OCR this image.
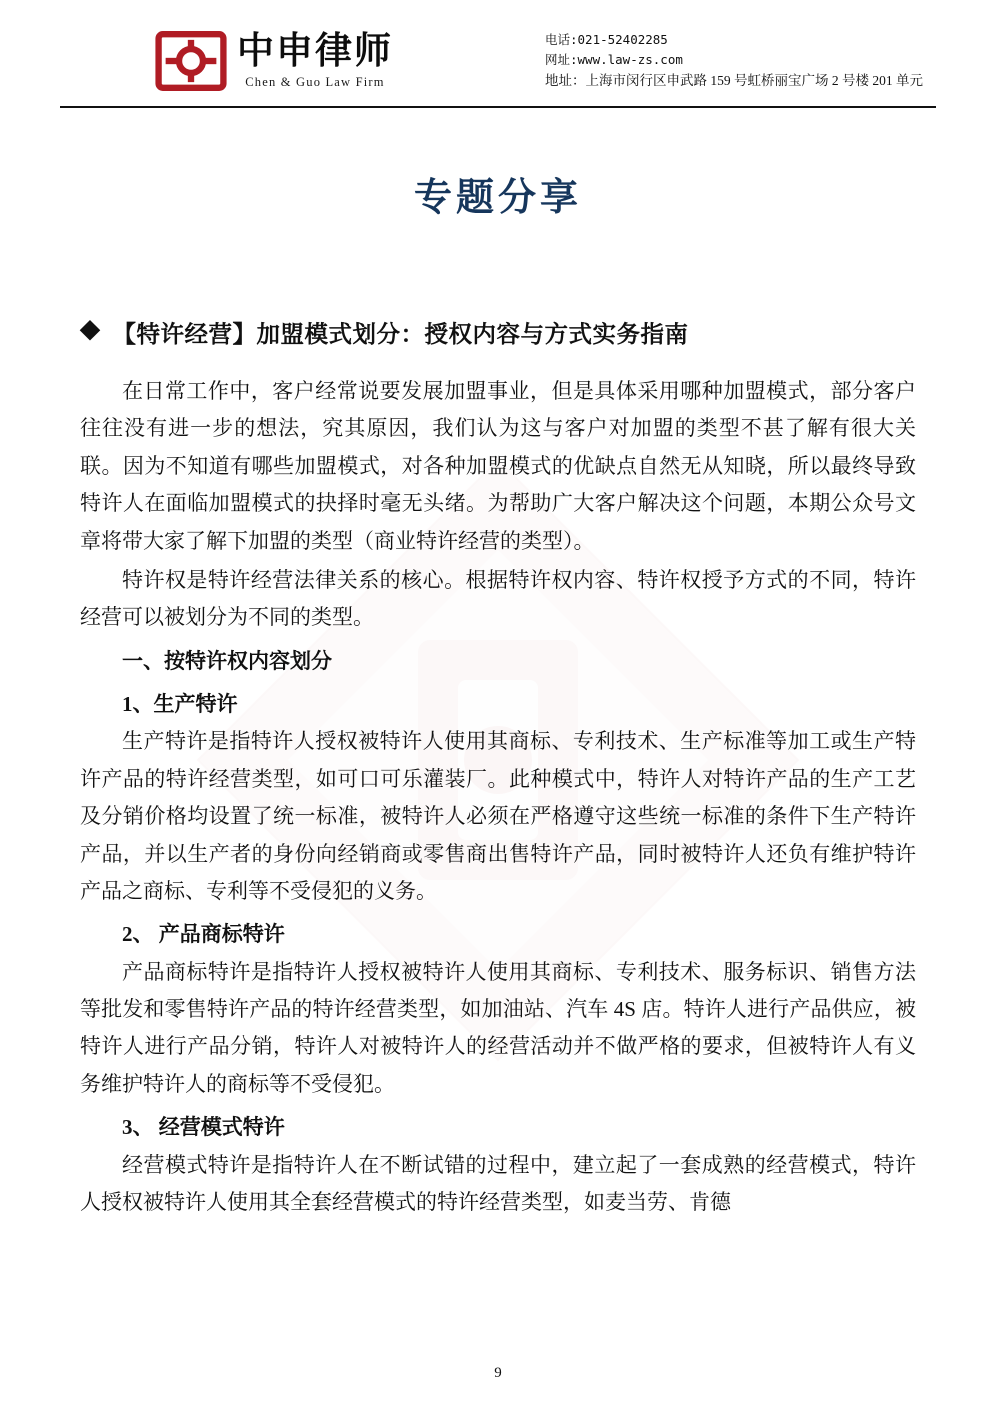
中申律师
Chen & Guo Law Firm
电话:021-52402285
网址:www.law-zs.com
地址：上海市闵行区申武路 159 号虹桥丽宝广场 2 号楼 201 单元
专题分享
◆ 【特许经营】加盟模式划分：授权内容与方式实务指南

在日常工作中，客户经常说要发展加盟事业，但是具体采用哪种加盟模式，部分客户往往没有进一步的想法，究其原因，我们认为这与客户对加盟的类型不甚了解有很大关联。因为不知道有哪些加盟模式，对各种加盟模式的优缺点自然无从知晓，所以最终导致特许人在面临加盟模式的抉择时毫无头绪。为帮助广大客户解决这个问题，本期公众号文章将带大家了解下加盟的类型（商业特许经营的类型）。

特许权是特许经营法律关系的核心。根据特许权内容、特许权授予方式的不同，特许经营可以被划分为不同的类型。

一、按特许权内容划分

1、生产特许

生产特许是指特许人授权被特许人使用其商标、专利技术、生产标准等加工或生产特许产品的特许经营类型，如可口可乐灌装厂。此种模式中，特许人对特许产品的生产工艺及分销价格均设置了统一标准，被特许人必须在严格遵守这些统一标准的条件下生产特许产品，并以生产者的身份向经销商或零售商出售特许产品，同时被特许人还负有维护特许产品之商标、专利等不受侵犯的义务。

2、 产品商标特许

产品商标特许是指特许人授权被特许人使用其商标、专利技术、服务标识、销售方法等批发和零售特许产品的特许经营类型，如加油站、汽车 4S 店。特许人进行产品供应，被特许人进行产品分销，特许人对被特许人的经营活动并不做严格的要求，但被特许人有义务维护特许人的商标等不受侵犯。

3、 经营模式特许

经营模式特许是指特许人在不断试错的过程中，建立起了一套成熟的经营模式，特许人授权被特许人使用其全套经营模式的特许经营类型，如麦当劳、肯德

9
